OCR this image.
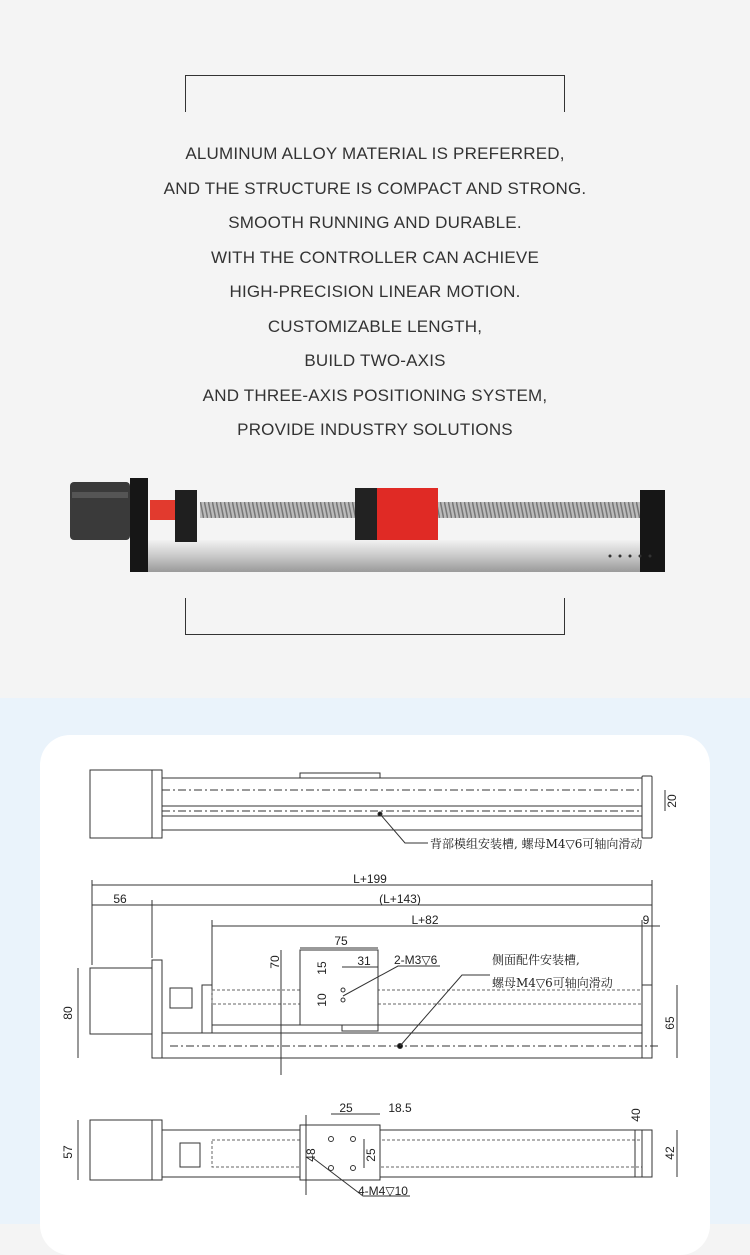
ALUMINUM ALLOY MATERIAL IS PREFERRED,
AND THE STRUCTURE IS COMPACT AND STRONG.
SMOOTH RUNNING AND DURABLE.
WITH THE CONTROLLER CAN ACHIEVE
HIGH-PRECISION LINEAR MOTION.
CUSTOMIZABLE LENGTH,
BUILD TWO-AXIS
AND THREE-AXIS POSITIONING SYSTEM,
PROVIDE INDUSTRY SOLUTIONS
背部模组安装槽, 螺母M4▽6可轴向滑动
20
L+199
56	(L+143)
L+82	9
75
70	15 31
10
2-M3▽6
80
65
侧面配件安装槽,
螺母M4▽6可轴向滑动
25	18.5	40
48	25
57	42
4-M4▽10
